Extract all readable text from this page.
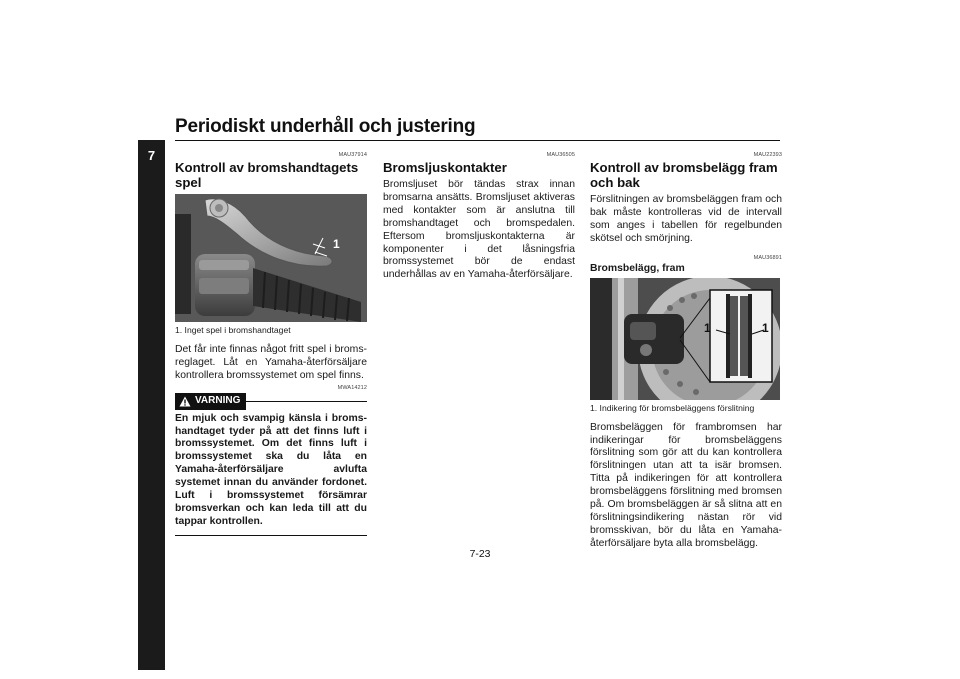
Periodiskt underhåll och justering
7	MAU37914
Kontroll av bromshandtagets spel
1

1. Inget spel i bromshandtaget

Det får inte finnas något fritt spel i bromsreglaget. Låt en Yamaha-återförsäljare kontrollera bromssystemet om spel finns.

MWA14212
VARNING

En mjuk och svampig känsla i bromshandtaget tyder på att det finns luft i bromssystemet. Om det finns luft i bromssystemet ska du låta en Yamaha-återförsäljare avlufta systemet innan du använder fordonet. Luft i bromssystemet försämrar bromsverkan och kan leda till att du tappar kontrollen.

MAU36505
Bromsljuskontakter

Bromsljuset bör tändas strax innan bromsarna ansätts. Bromsljuset aktiveras med kontakter som är anslutna till bromshandtaget och bromspedalen. Eftersom bromsljuskontakterna är komponenter i det låsningsfria bromssystemet bör de endast underhållas av en Yamaha-återförsäljare.

MAU22393
Kontroll av bromsbelägg fram och bak

Förslitningen av bromsbeläggen fram och bak måste kontrolleras vid de intervall som anges i tabellen för regelbunden skötsel och smörjning.

MAU36891
Bromsbelägg, fram
1	1

1. Indikering för bromsbeläggens förslitning

Bromsbeläggen för frambromsen har indikeringar för bromsbeläggens förslitning som gör att du kan kontrollera förslitningen utan att ta isär bromsen. Titta på indikeringen för att kontrollera bromsbeläggens förslitning med bromsen på. Om bromsbeläggen är så slitna att en förslitningsindikering nästan rör vid bromsskivan, bör du låta en Yamaha-återförsäljare byta alla bromsbelägg.

7-23
